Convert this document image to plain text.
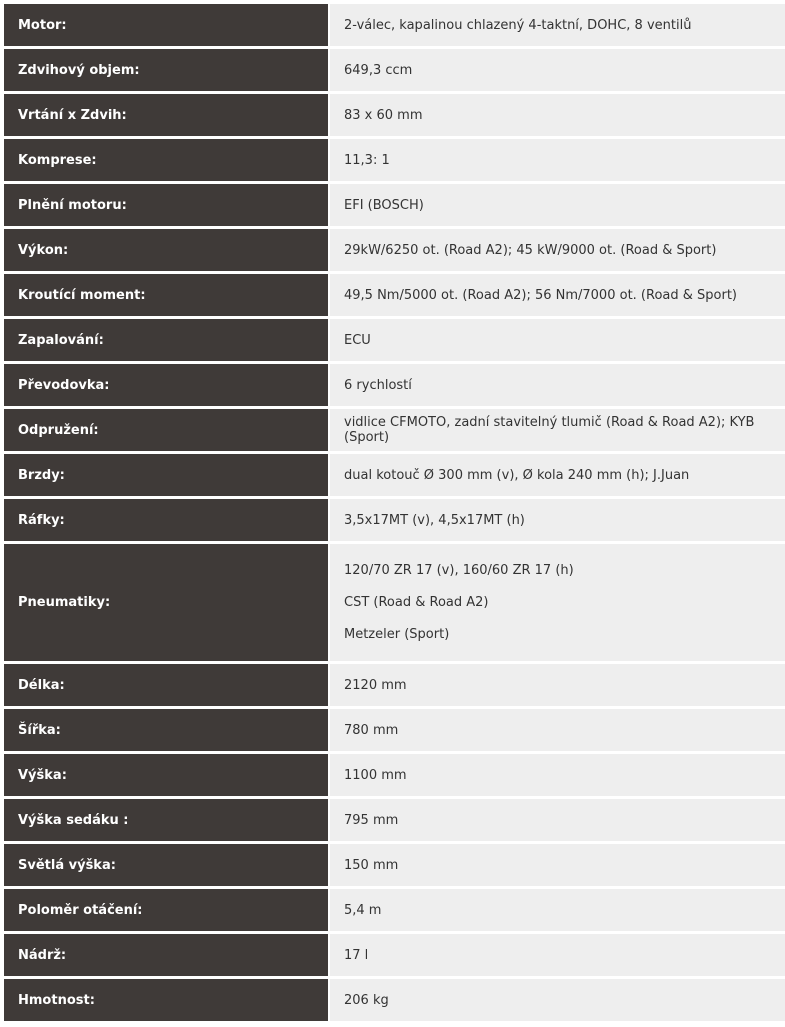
Motor:	2-válec, kapalinou chlazený 4-taktní, DOHC, 8 ventilů

Zdvihový objem:	649,3 ccm

Vrtání x Zdvih:	83 x 60 mm

Komprese:	11,3: 1

Plnění motoru:	EFI (BOSCH)

Výkon:	29kW/6250 ot. (Road A2); 45 kW/9000 ot. (Road & Sport)

Kroutící moment:	49,5 Nm/5000 ot. (Road A2); 56 Nm/7000 ot. (Road & Sport)

Zapalování:	ECU

Převodovka:	6 rychlostí

Odpružení:	vidlice CFMOTO, zadní stavitelný tlumič (Road & Road A2); KYB (Sport)

Brzdy:	dual kotouč Ø 300 mm (v), Ø kola 240 mm (h); J.Juan

Ráfky:	3,5x17MT (v), 4,5x17MT (h)

Pneumatiky:	120/70 ZR 17 (v), 160/60 ZR 17 (h)
CST (Road & Road A2)
Metzeler (Sport)

Délka:	2120 mm

Šířka:	780 mm

Výška:	1100 mm

Výška sedáku :	795 mm

Světlá výška:	150 mm

Poloměr otáčení:	5,4 m

Nádrž:	17 l

Hmotnost:	206 kg
